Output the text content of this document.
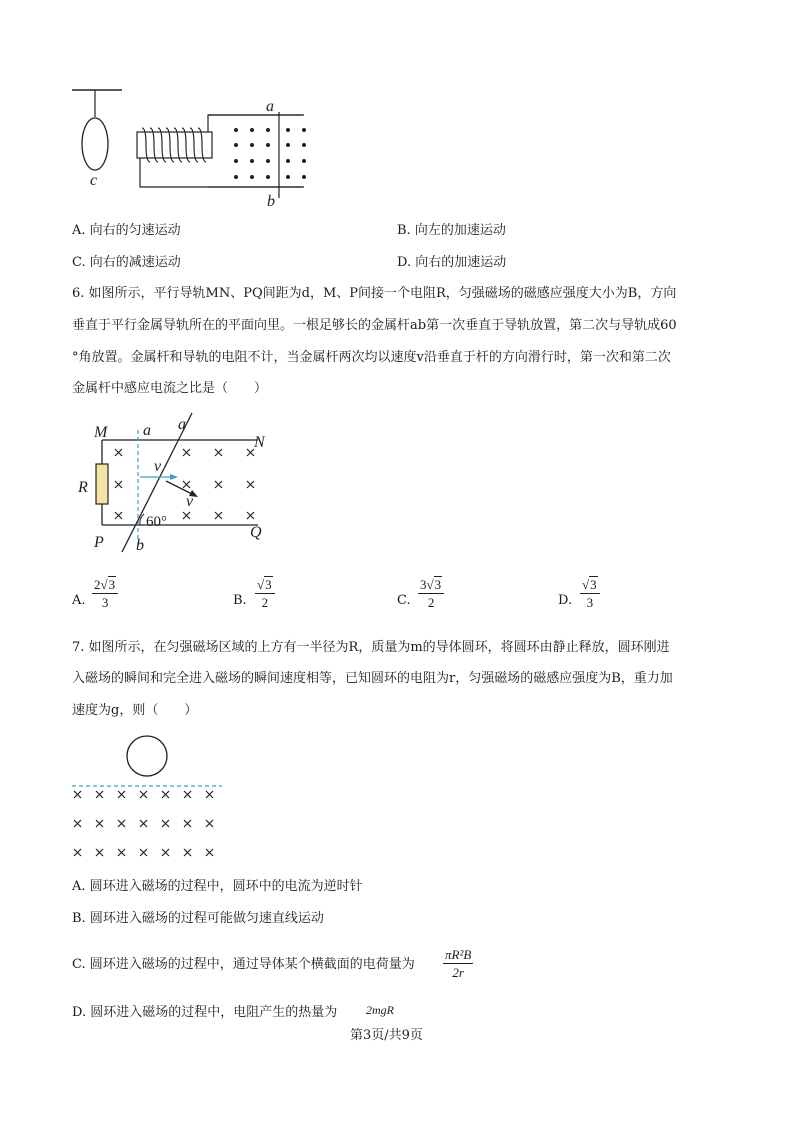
c
a
b
A. 向右的匀速运动	B. 向左的加速运动
C. 向右的减速运动	D. 向右的加速运动
6. 如图所示，平行导轨MN、PQ间距为d，M、P间接一个电阻R，匀强磁场的磁感应强度大小为B，方向
垂直于平行金属导轨所在的平面向里。一根足够长的金属杆ab第一次垂直于导轨放置，第二次与导轨成60
°角放置。金属杆和导轨的电阻不计，当金属杆两次均以速度v沿垂直于杆的方向滑行时，第一次和第二次
金属杆中感应电流之比是（　　）
M a a
N
R
v
v
60°
P b
Q
A. $\frac{2√3}{3}$	B. $\frac{√3}{2}$	C. $\frac{3√3}{2}$	D. $\frac{√3}{3}$
7. 如图所示，在匀强磁场区域的上方有一半径为R，质量为m的导体圆环，将圆环由静止释放，圆环刚进
入磁场的瞬间和完全进入磁场的瞬间速度相等，已知圆环的电阻为r，匀强磁场的磁感应强度为B，重力加
速度为g，则（　　）
A. 圆环进入磁场的过程中，圆环中的电流为逆时针
B. 圆环进入磁场的过程可能做匀速直线运动
C. 圆环进入磁场的过程中，通过导体某个横截面的电荷量为 $\frac{\text{πR²B}}{2r}$
D. 圆环进入磁场的过程中，电阻产生的热量为 2mgR
第3页/共9页
